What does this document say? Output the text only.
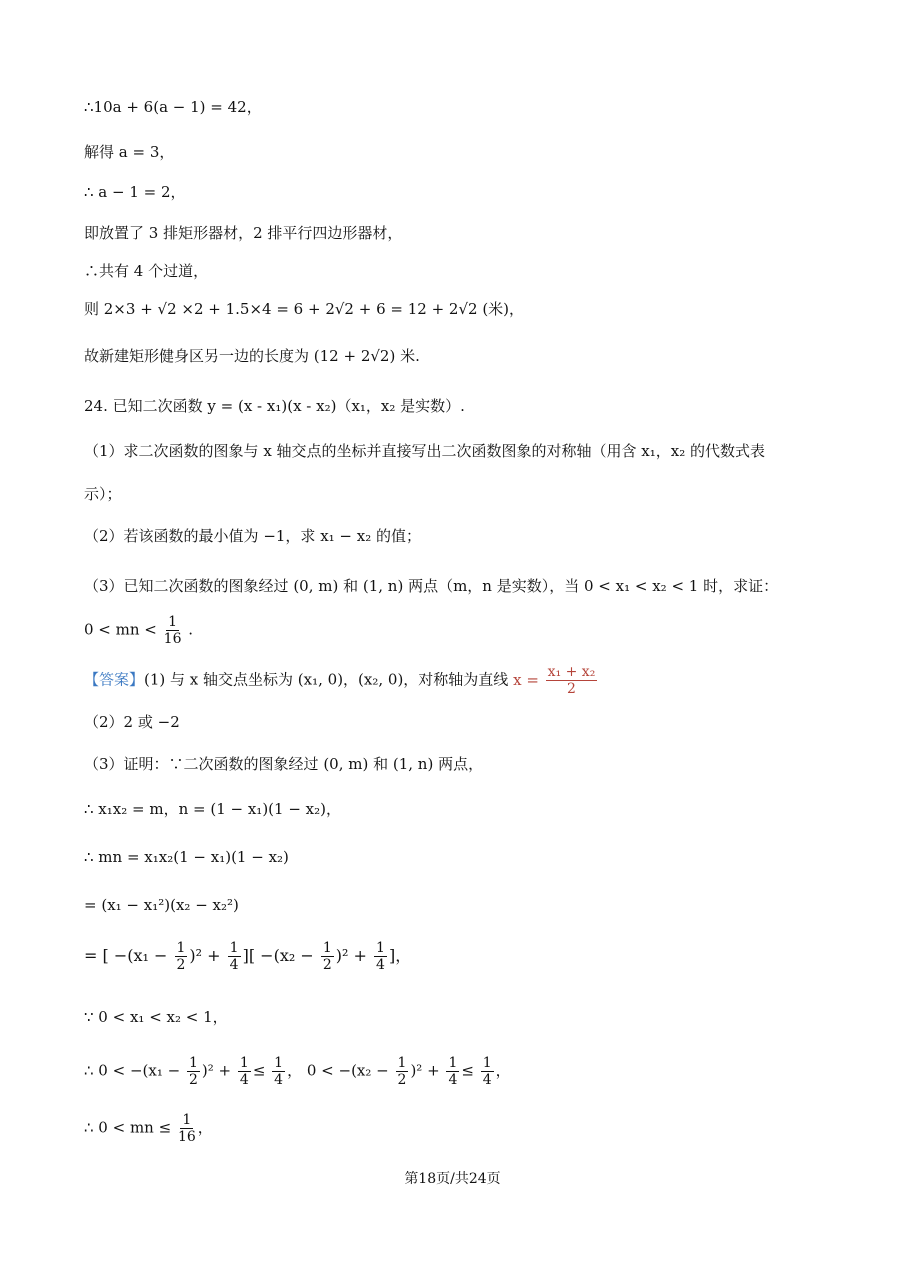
∴10a + 6(a − 1) = 42，
解得 a = 3，
∴ a − 1 = 2，
即放置了 3 排矩形器材，2 排平行四边形器材，
∴共有 4 个过道，
则 2×3 + √2 ×2 + 1.5×4 = 6 + 2√2 + 6 = 12 + 2√2 (米)，
故新建矩形健身区另一边的长度为 (12 + 2√2) 米.
24. 已知二次函数 y = (x - x₁)(x - x₂)（x₁，x₂ 是实数）.
（1）求二次函数的图象与 x 轴交点的坐标并直接写出二次函数图象的对称轴（用含 x₁，x₂ 的代数式表
示）；
（2）若该函数的最小值为 −1，求 x₁ − x₂ 的值；
（3）已知二次函数的图象经过 (0, m) 和 (1, n) 两点（m，n 是实数），当 0 < x₁ < x₂ < 1 时，求证：
0 < mn < $\frac{1}{16}$ .
【答案】(1) 与 x 轴交点坐标为 (x₁, 0)，(x₂, 0)，对称轴为直线 $x = \frac{\text{x₁ + x₂}}{2}$
（2）2 或 −2
（3）证明：∵二次函数的图象经过 (0, m) 和 (1, n) 两点，
∴ x₁x₂ = m，n = (1 − x₁)(1 − x₂)，
∴ mn = x₁x₂(1 − x₁)(1 − x₂)
= (x₁ − x₁²)(x₂ − x₂²)
= [ $-(x_1 - \frac{1}{2} )^2 + \frac{1}{4}$ ][ $-(x_2 - \frac{1}{2} )^2 + \frac{1}{4}$ ]，
∵ 0 < x₁ < x₂ < 1，
∴ $0 < -(x_1 - \frac{1}{2} )^2 + \frac{1}{4} \le \frac{1}{4}$ ， $0 < -(x_2 - \frac{1}{2} )^2 + \frac{1}{4} \le \frac{1}{4}$ ，
∴ 0 < mn ≤ $\frac{1}{16}$ ，
第18页/共24页
